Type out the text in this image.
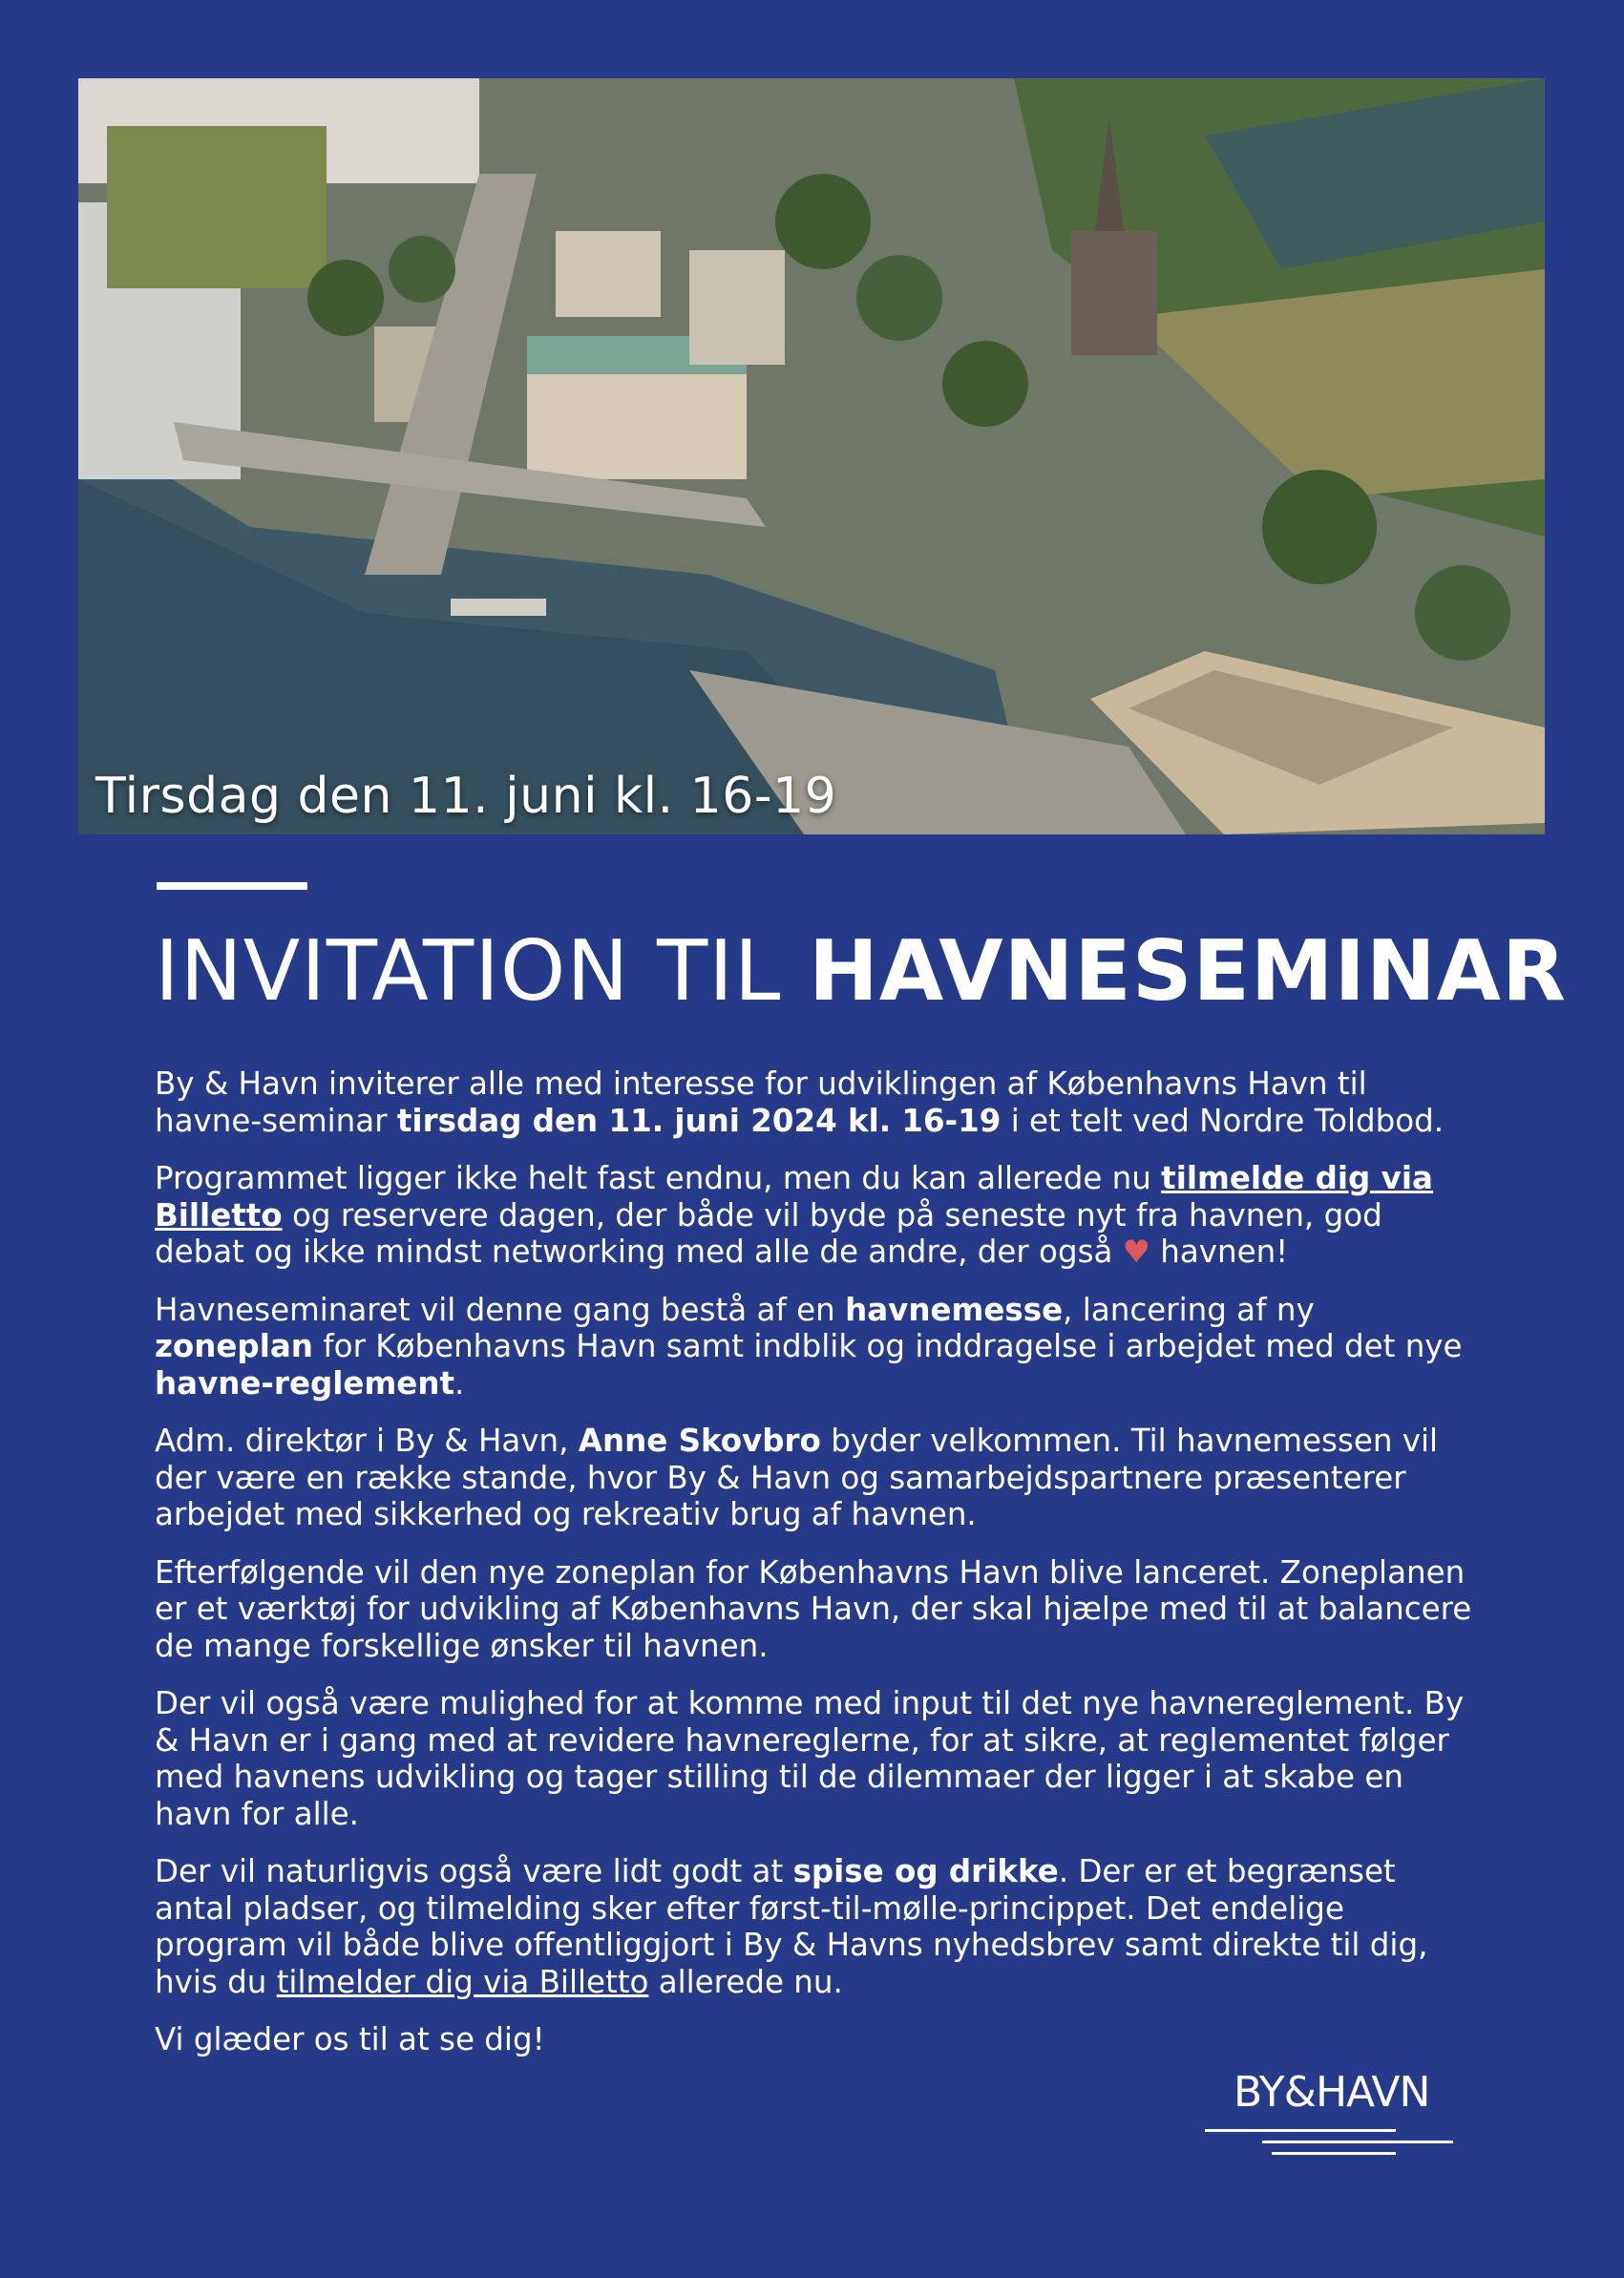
Tirsdag den 11. juni kl. 16-19
INVITATION TIL HAVNESEMINAR

By & Havn inviterer alle med interesse for udviklingen af Københavns Havn til havne-seminar tirsdag den 11. juni 2024 kl. 16-19 i et telt ved Nordre Toldbod.

Programmet ligger ikke helt fast endnu, men du kan allerede nu tilmelde dig via Billetto og reservere dagen, der både vil byde på seneste nyt fra havnen, god debat og ikke mindst networking med alle de andre, der også ♥ havnen!

Havneseminaret vil denne gang bestå af en havnemesse, lancering af ny zoneplan for Københavns Havn samt indblik og inddragelse i arbejdet med det nye havne-reglement.

Adm. direktør i By & Havn, Anne Skovbro byder velkommen. Til havnemessen vil der være en række stande, hvor By & Havn og samarbejdspartnere præsenterer arbejdet med sikkerhed og rekreativ brug af havnen.

Efterfølgende vil den nye zoneplan for Københavns Havn blive lanceret. Zoneplanen er et værktøj for udvikling af Københavns Havn, der skal hjælpe med til at balancere de mange forskellige ønsker til havnen.

Der vil også være mulighed for at komme med input til det nye havnereglement. By & Havn er i gang med at revidere havnereglerne, for at sikre, at reglementet følger med havnens udvikling og tager stilling til de dilemmaer der ligger i at skabe en havn for alle.

Der vil naturligvis også være lidt godt at spise og drikke. Der er et begrænset antal pladser, og tilmelding sker efter først-til-mølle-princippet. Det endelige program vil både blive offentliggjort i By & Havns nyhedsbrev samt direkte til dig, hvis du tilmelder dig via Billetto allerede nu.

Vi glæder os til at se dig!

BY&HAVN
